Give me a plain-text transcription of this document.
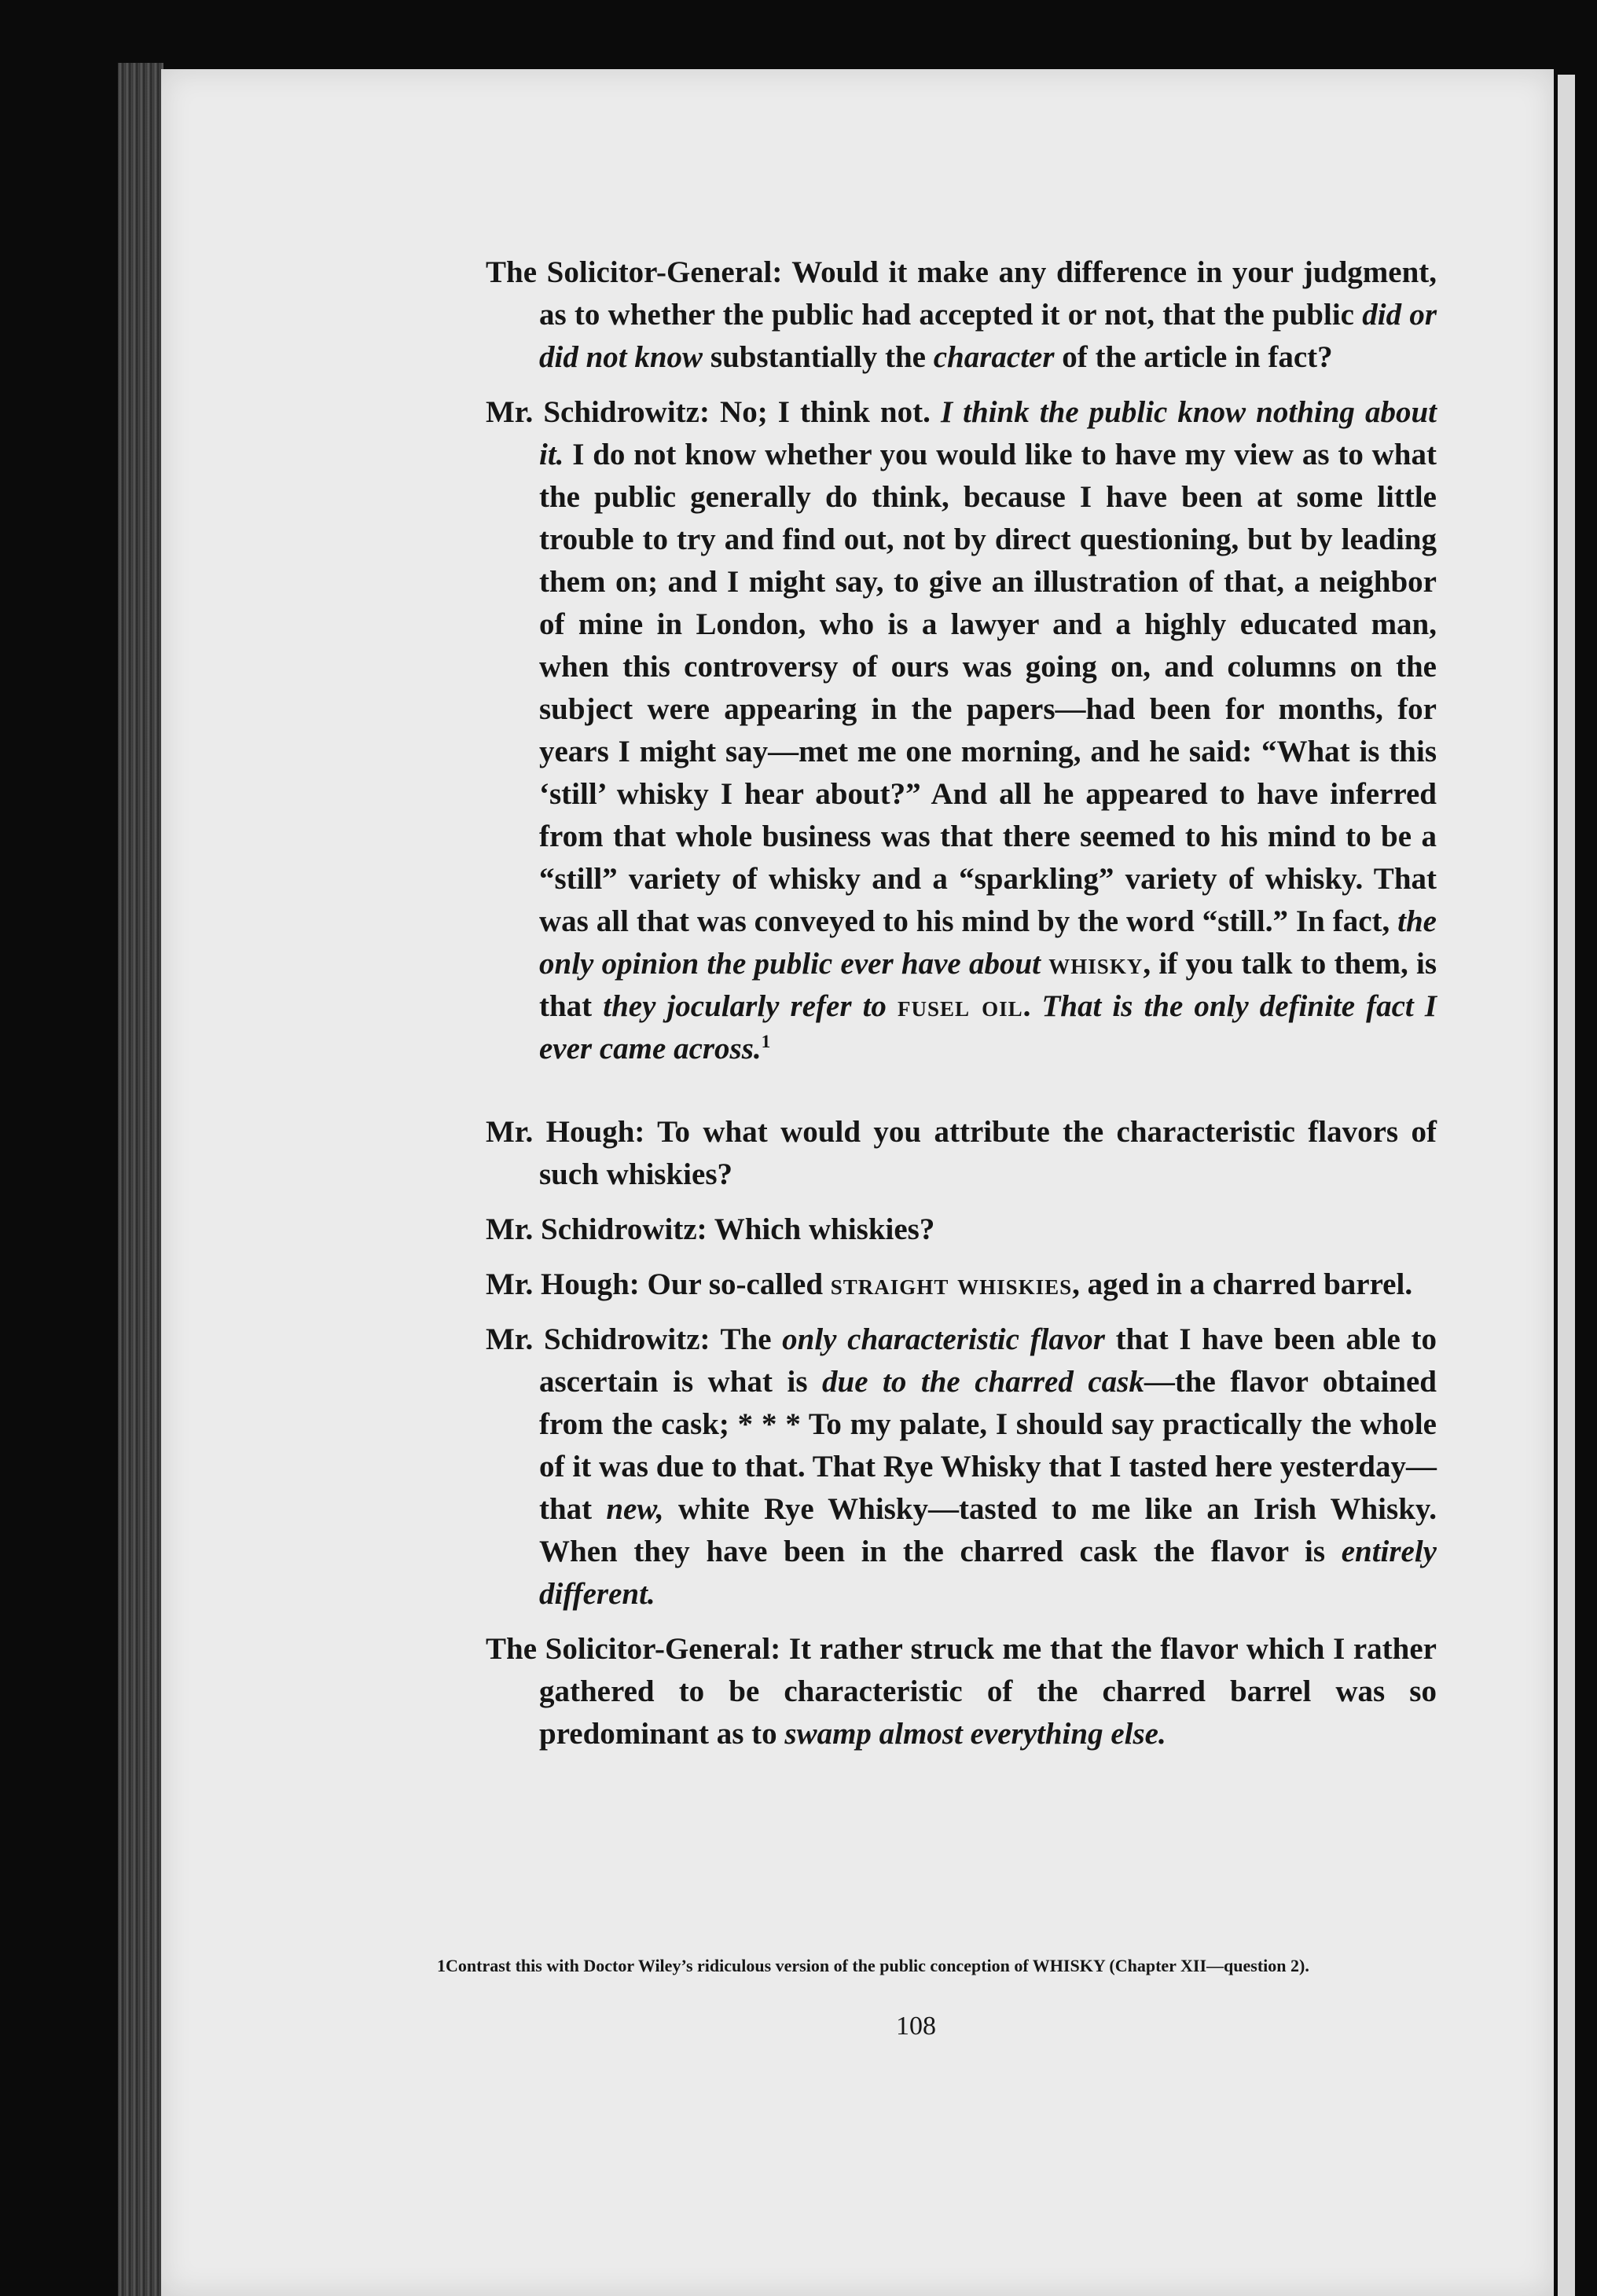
The Solicitor-General: Would it make any difference in your judgment, as to whether the public had accepted it or not, that the public did or did not know substantially the character of the article in fact?

Mr. Schidrowitz: No; I think not. I think the public know nothing about it. I do not know whether you would like to have my view as to what the public generally do think, because I have been at some little trouble to try and find out, not by direct questioning, but by leading them on; and I might say, to give an illustration of that, a neighbor of mine in London, who is a lawyer and a highly educated man, when this controversy of ours was going on, and columns on the subject were appearing in the papers—had been for months, for years I might say—met me one morning, and he said: “What is this ‘still’ whisky I hear about?” And all he appeared to have inferred from that whole business was that there seemed to his mind to be a “still” variety of whisky and a “sparkling” variety of whisky. That was all that was conveyed to his mind by the word “still.” In fact, the only opinion the public ever have about whisky, if you talk to them, is that they jocularly refer to fusel oil. That is the only definite fact I ever came across.$^1$

Mr. Hough: To what would you attribute the characteristic flavors of such whiskies?

Mr. Schidrowitz: Which whiskies?

Mr. Hough: Our so-called straight whiskies, aged in a charred barrel.

Mr. Schidrowitz: The only characteristic flavor that I have been able to ascertain is what is due to the charred cask—the flavor obtained from the cask; * * * To my palate, I should say practically the whole of it was due to that. That Rye Whisky that I tasted here yesterday—that new, white Rye Whisky—tasted to me like an Irish Whisky. When they have been in the charred cask the flavor is entirely different.

The Solicitor-General: It rather struck me that the flavor which I rather gathered to be characteristic of the charred barrel was so predominant as to swamp almost everything else.

1Contrast this with Doctor Wiley’s ridiculous version of the public conception of WHISKY (Chapter XII—question 2).
108
